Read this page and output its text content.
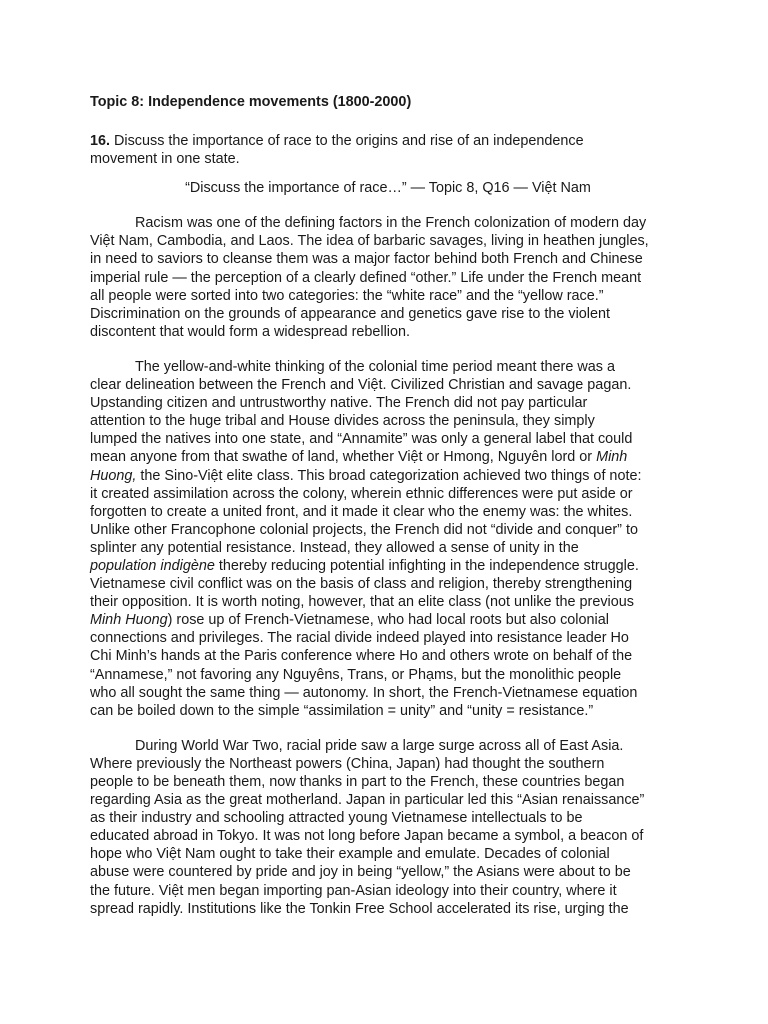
Topic 8: Independence movements (1800-2000)

16. Discuss the importance of race to the origins and rise of an independence
movement in one state.

“Discuss the importance of race…” — Topic 8, Q16 — Việt Nam

Racism was one of the defining factors in the French colonization of modern day
Việt Nam, Cambodia, and Laos. The idea of barbaric savages, living in heathen jungles,
in need to saviors to cleanse them was a major factor behind both French and Chinese
imperial rule — the perception of a clearly defined “other.” Life under the French meant
all people were sorted into two categories: the “white race” and the “yellow race.”
Discrimination on the grounds of appearance and genetics gave rise to the violent
discontent that would form a widespread rebellion.
The yellow-and-white thinking of the colonial time period meant there was a
clear delineation between the French and Việt. Civilized Christian and savage pagan.
Upstanding citizen and untrustworthy native. The French did not pay particular
attention to the huge tribal and House divides across the peninsula, they simply
lumped the natives into one state, and “Annamite” was only a general label that could
mean anyone from that swathe of land, whether Việt or Hmong, Nguyên lord or Minh
Huong, the Sino-Việt elite class. This broad categorization achieved two things of note:
it created assimilation across the colony, wherein ethnic differences were put aside or
forgotten to create a united front, and it made it clear who the enemy was: the whites.
Unlike other Francophone colonial projects, the French did not “divide and conquer” to
splinter any potential resistance. Instead, they allowed a sense of unity in the
population indigène thereby reducing potential infighting in the independence struggle.
Vietnamese civil conflict was on the basis of class and religion, thereby strengthening
their opposition. It is worth noting, however, that an elite class (not unlike the previous
Minh Huong) rose up of French-Vietnamese, who had local roots but also colonial
connections and privileges. The racial divide indeed played into resistance leader Ho
Chi Minh’s hands at the Paris conference where Ho and others wrote on behalf of the
“Annamese,” not favoring any Nguyêns, Trans, or Phạms, but the monolithic people
who all sought the same thing — autonomy. In short, the French-Vietnamese equation
can be boiled down to the simple “assimilation = unity” and “unity = resistance.”
During World War Two, racial pride saw a large surge across all of East Asia.
Where previously the Northeast powers (China, Japan) had thought the southern
people to be beneath them, now thanks in part to the French, these countries began
regarding Asia as the great motherland. Japan in particular led this “Asian renaissance”
as their industry and schooling attracted young Vietnamese intellectuals to be
educated abroad in Tokyo. It was not long before Japan became a symbol, a beacon of
hope who Việt Nam ought to take their example and emulate. Decades of colonial
abuse were countered by pride and joy in being “yellow,” the Asians were about to be
the future. Việt men began importing pan-Asian ideology into their country, where it
spread rapidly. Institutions like the Tonkin Free School accelerated its rise, urging the
